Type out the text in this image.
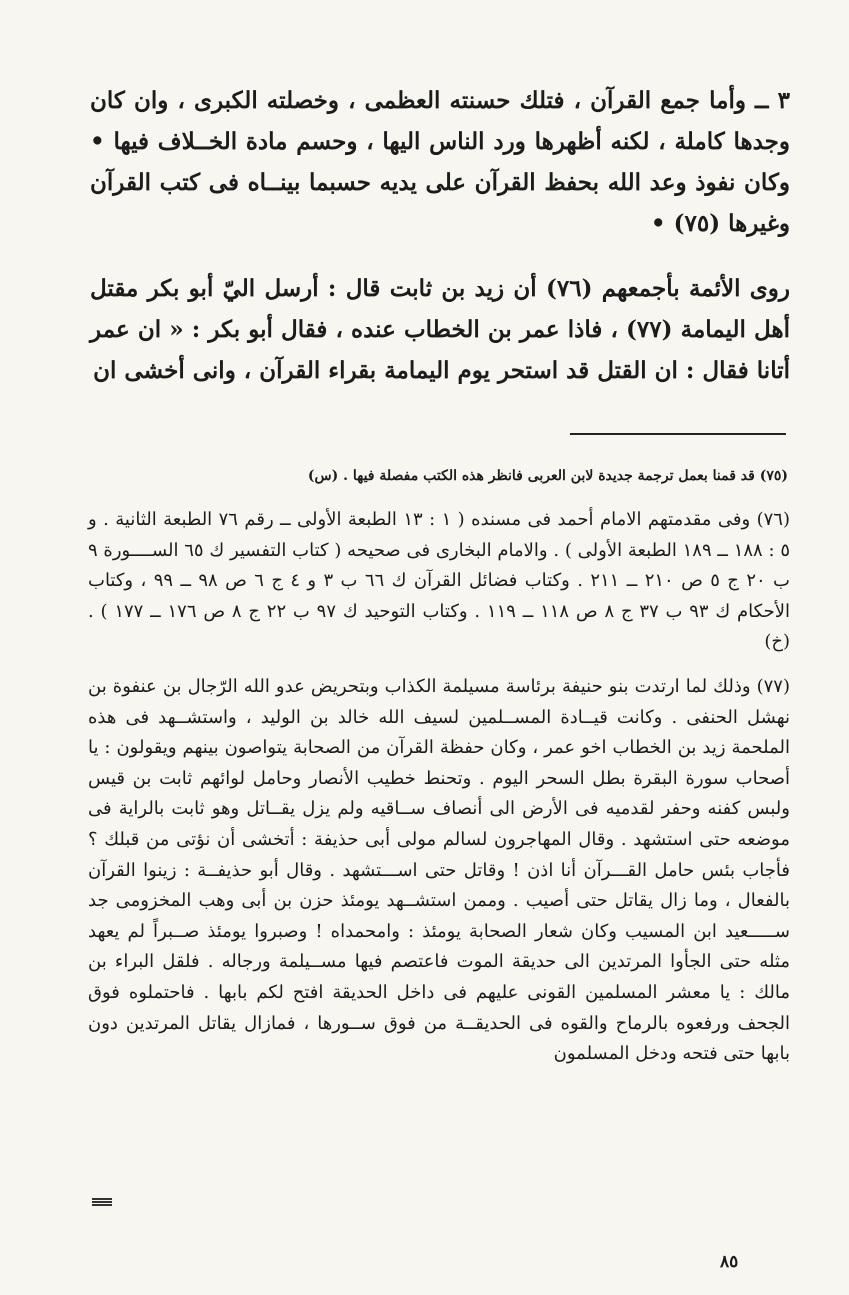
٣ ــ وأما جمع القرآن ، فتلك حسنته العظمى ، وخصلته الكبرى ، وان كان وجدها كاملة ، لكنه أظهرها ورد الناس اليها ، وحسم مادة الخــلاف فيها • وكان نفوذ وعد الله بحفظ القرآن على يديه حسبما بينــاه فى كتب القرآن وغيرها (٧٥) •

روى الأئمة بأجمعهم (٧٦) أن زيد بن ثابت قال : أرسل اليّ أبو بكر مقتل أهل اليمامة (٧٧) ، فاذا عمر بن الخطاب عنده ، فقال أبو بكر : « ان عمر أتانا فقال : ان القتل قد استحر يوم اليمامة بقراء القرآن ، وانى أخشى ان

(٧٥) قد قمنا بعمل ترجمة جديدة لابن العربى فانظر هذه الكتب مفصلة فيها . (س)

(٧٦) وفى مقدمتهم الامام أحمد فى مسنده ( ١ : ١٣ الطبعة الأولى ــ رقم ٧٦ الطبعة الثانية . و ٥ : ١٨٨ ــ ١٨٩ الطبعة الأولى ) . والامام البخارى فى صحيحه ( كتاب التفسير ك ٦٥ الســــورة ٩ ب ٢٠ ج ٥ ص ٢١٠ ــ ٢١١ . وكتاب فضائل القرآن ك ٦٦ ب ٣ و ٤ ج ٦ ص ٩٨ ــ ٩٩ ، وكتاب الأحكام ك ٩٣ ب ٣٧ ج ٨ ص ١١٨ ــ ١١٩ . وكتاب التوحيد ك ٩٧ ب ٢٢ ج ٨ ص ١٧٦ ــ ١٧٧ ) . (خ)

(٧٧) وذلك لما ارتدت بنو حنيفة برئاسة مسيلمة الكذاب وبتحريض عدو الله الرّجال بن عنفوة بن نهشل الحنفى . وكانت قيــادة المســلمين لسيف الله خالد بن الوليد ، واستشــهد فى هذه الملحمة زيد بن الخطاب اخو عمر ، وكان حفظة القرآن من الصحابة يتواصون بينهم ويقولون : يا أصحاب سورة البقرة بطل السحر اليوم . وتحنط خطيب الأنصار وحامل لوائهم ثابت بن قيس ولبس كفنه وحفر لقدميه فى الأرض الى أنصاف ســاقيه ولم يزل يقــاتل وهو ثابت بالراية فى موضعه حتى استشهد . وقال المهاجرون لسالم مولى أبى حذيفة : أتخشى أن نؤتى من قبلك ؟ فأجاب بئس حامل القـــرآن أنا اذن ! وقاتل حتى اســـتشهد . وقال أبو حذيفــة : زينوا القرآن بالفعال ، وما زال يقاتل حتى أصيب . وممن استشــهد يومئذ حزن بن أبى وهب المخزومى جد ســـــعيد ابن المسيب وكان شعار الصحابة يومئذ : وامحمداه ! وصبروا يومئذ صــبراً لم يعهد مثله حتى الجأوا المرتدين الى حديقة الموت فاعتصم فيها مســيلمة ورجاله . فلقل البراء بن مالك : يا معشر المسلمين القونى عليهم فى داخل الحديقة افتح لكم بابها . فاحتملوه فوق الجحف ورفعوه بالرماح والقوه فى الحديقــة من فوق ســورها ، فمازال يقاتل المرتدين دون بابها حتى فتحه ودخل المسلمون

٨٥
